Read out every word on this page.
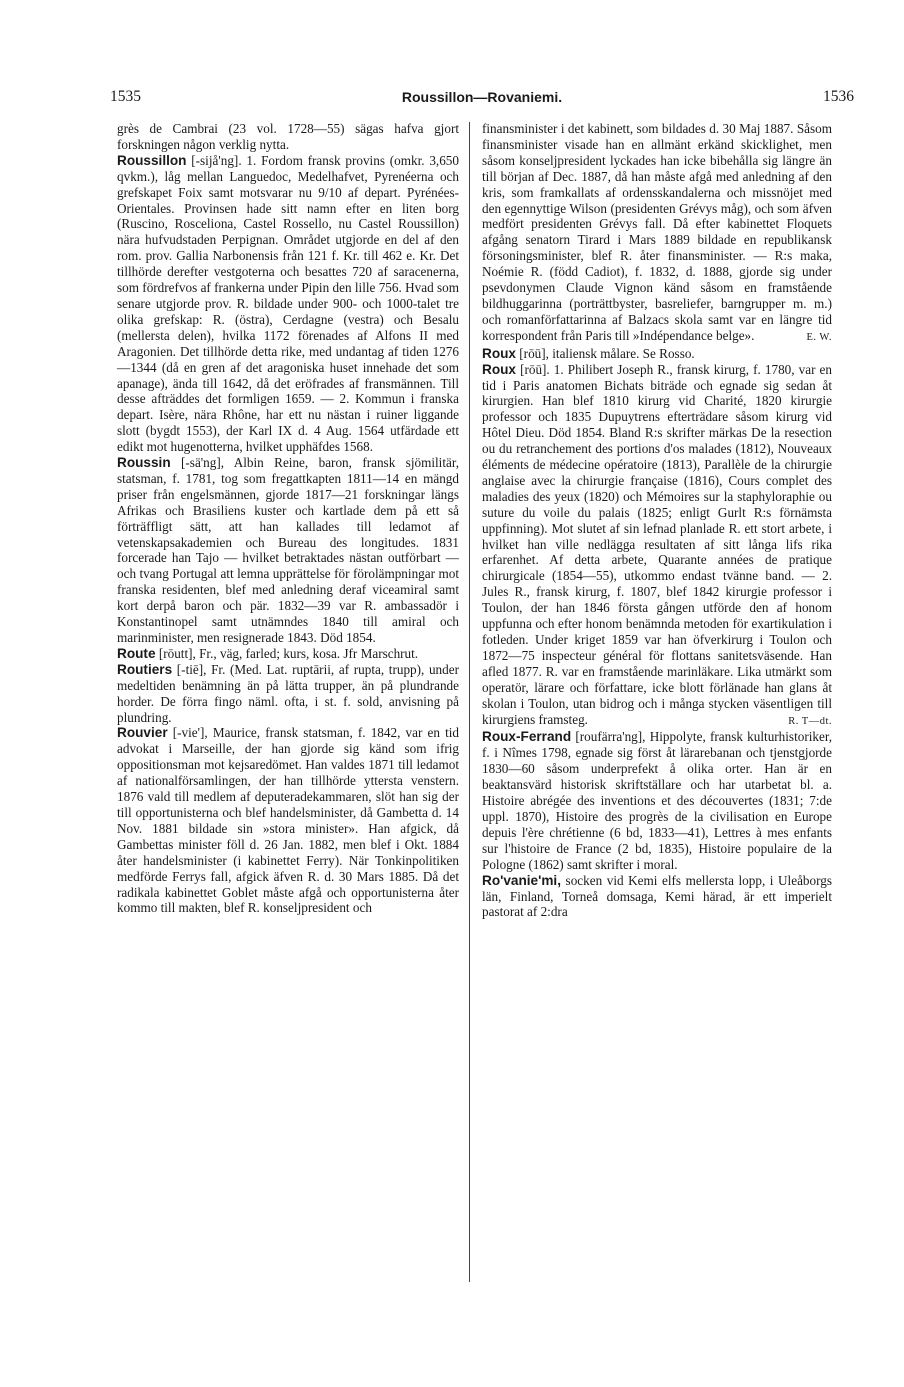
1535	Roussillon—Rovaniemi.	1536

grès de Cambrai (23 vol. 1728—55) sägas hafva gjort forskningen någon verklig nytta.

Roussillon [-sijå'ng]. 1. Fordom fransk provins (omkr. 3,650 qvkm.), låg mellan Languedoc, Medelhafvet, Pyrenéerna och grefskapet Foix samt motsvarar nu 9/10 af depart. Pyrénées-Orientales. Provinsen hade sitt namn efter en liten borg (Ruscino, Rosceliona, Castel Rossello, nu Castel Roussillon) nära hufvudstaden Perpignan. Området utgjorde en del af den rom. prov. Gallia Narbonensis från 121 f. Kr. till 462 e. Kr. Det tillhörde derefter vestgoterna och besattes 720 af saracenerna, som fördrefvos af frankerna under Pipin den lille 756. Hvad som senare utgjorde prov. R. bildade under 900- och 1000-talet tre olika grefskap: R. (östra), Cerdagne (vestra) och Besalu (mellersta delen), hvilka 1172 förenades af Alfons II med Aragonien. Det tillhörde detta rike, med undantag af tiden 1276—1344 (då en gren af det aragoniska huset innehade det som apanage), ända till 1642, då det eröfrades af fransmännen. Till desse afträddes det formligen 1659. — 2. Kommun i franska depart. Isère, nära Rhône, har ett nu nästan i ruiner liggande slott (bygdt 1553), der Karl IX d. 4 Aug. 1564 utfärdade ett edikt mot hugenotterna, hvilket upphäfdes 1568.

Roussin [-sä'ng], Albin Reine, baron, fransk sjömilitär, statsman, f. 1781, tog som fregattkapten 1811—14 en mängd priser från engelsmännen, gjorde 1817—21 forskningar längs Afrikas och Brasiliens kuster och kartlade dem på ett så förträffligt sätt, att han kallades till ledamot af vetenskapsakademien och Bureau des longitudes. 1831 forcerade han Tajo — hvilket betraktades nästan outförbart — och tvang Portugal att lemna upprättelse för förolämpningar mot franska residenten, blef med anledning deraf viceamiral samt kort derpå baron och pär. 1832—39 var R. ambassadör i Konstantinopel samt utnämndes 1840 till amiral och marinminister, men resignerade 1843. Död 1854.

Route [rōutt], Fr., väg, farled; kurs, kosa. Jfr Marschrut.

Routiers [-tiē], Fr. (Med. Lat. ruptārii, af rupta, trupp), under medeltiden benämning än på lätta trupper, än på plundrande horder. De förra fingo näml. ofta, i st. f. sold, anvisning på plundring.

Rouvier [-vie'], Maurice, fransk statsman, f. 1842, var en tid advokat i Marseille, der han gjorde sig känd som ifrig oppositionsman mot kejsaredömet. Han valdes 1871 till ledamot af nationalförsamlingen, der han tillhörde yttersta venstern. 1876 vald till medlem af deputeradekammaren, slöt han sig der till opportunisterna och blef handelsminister, då Gambetta d. 14 Nov. 1881 bildade sin »stora minister». Han afgick, då Gambettas minister föll d. 26 Jan. 1882, men blef i Okt. 1884 åter handelsminister (i kabinettet Ferry). När Tonkinpolitiken medförde Ferrys fall, afgick äfven R. d. 30 Mars 1885. Då det radikala kabinettet Goblet måste afgå och opportunisterna åter kommo till makten, blef R. konseljpresident och

finansminister i det kabinett, som bildades d. 30 Maj 1887. Såsom finansminister visade han en allmänt erkänd skicklighet, men såsom konseljpresident lyckades han icke bibehålla sig längre än till början af Dec. 1887, då han måste afgå med anledning af den kris, som framkallats af ordensskandalerna och missnöjet med den egennyttige Wilson (presidenten Grévys måg), och som äfven medfört presidenten Grévys fall. Då efter kabinettet Floquets afgång senatorn Tirard i Mars 1889 bildade en republikansk försoningsminister, blef R. åter finansminister. — R:s maka, Noémie R. (född Cadiot), f. 1832, d. 1888, gjorde sig under psevdonymen Claude Vignon känd såsom en framstående bildhuggarinna (porträttbyster, basreliefer, barngrupper m. m.) och romanförfattarinna af Balzacs skola samt var en längre tid korrespondent från Paris till »Indépendance belge».	E. W.

Roux [rōū], italiensk målare. Se Rosso.

Roux [rōū]. 1. Philibert Joseph R., fransk kirurg, f. 1780, var en tid i Paris anatomen Bichats biträde och egnade sig sedan åt kirurgien. Han blef 1810 kirurg vid Charité, 1820 kirurgie professor och 1835 Dupuytrens efterträdare såsom kirurg vid Hôtel Dieu. Död 1854. Bland R:s skrifter märkas De la resection ou du retranchement des portions d'os malades (1812), Nouveaux éléments de médecine opératoire (1813), Parallèle de la chirurgie anglaise avec la chirurgie française (1816), Cours complet des maladies des yeux (1820) och Mémoires sur la staphyloraphie ou suture du voile du palais (1825; enligt Gurlt R:s förnämsta uppfinning). Mot slutet af sin lefnad planlade R. ett stort arbete, i hvilket han ville nedlägga resultaten af sitt långa lifs rika erfarenhet. Af detta arbete, Quarante années de pratique chirurgicale (1854—55), utkommo endast tvänne band. — 2. Jules R., fransk kirurg, f. 1807, blef 1842 kirurgie professor i Toulon, der han 1846 första gången utförde den af honom uppfunna och efter honom benämnda metoden för exartikulation i fotleden. Under kriget 1859 var han öfverkirurg i Toulon och 1872—75 inspecteur général för flottans sanitetsväsende. Han afled 1877. R. var en framstående marinläkare. Lika utmärkt som operatör, lärare och författare, icke blott förlänade han glans åt skolan i Toulon, utan bidrog och i många stycken väsentligen till kirurgiens framsteg.	R. T—dt.

Roux-Ferrand [roufärra'ng], Hippolyte, fransk kulturhistoriker, f. i Nîmes 1798, egnade sig först åt lärarebanan och tjenstgjorde 1830—60 såsom underprefekt å olika orter. Han är en beaktansvärd historisk skriftställare och har utarbetat bl. a. Histoire abrégée des inventions et des découvertes (1831; 7:de uppl. 1870), Histoire des progrès de la civilisation en Europe depuis l'ère chrétienne (6 bd, 1833—41), Lettres à mes enfants sur l'histoire de France (2 bd, 1835), Histoire populaire de la Pologne (1862) samt skrifter i moral.

Ro'vanie'mi, socken vid Kemi elfs mellersta lopp, i Uleåborgs län, Finland, Torneå domsaga, Kemi härad, är ett imperielt pastorat af 2:dra
